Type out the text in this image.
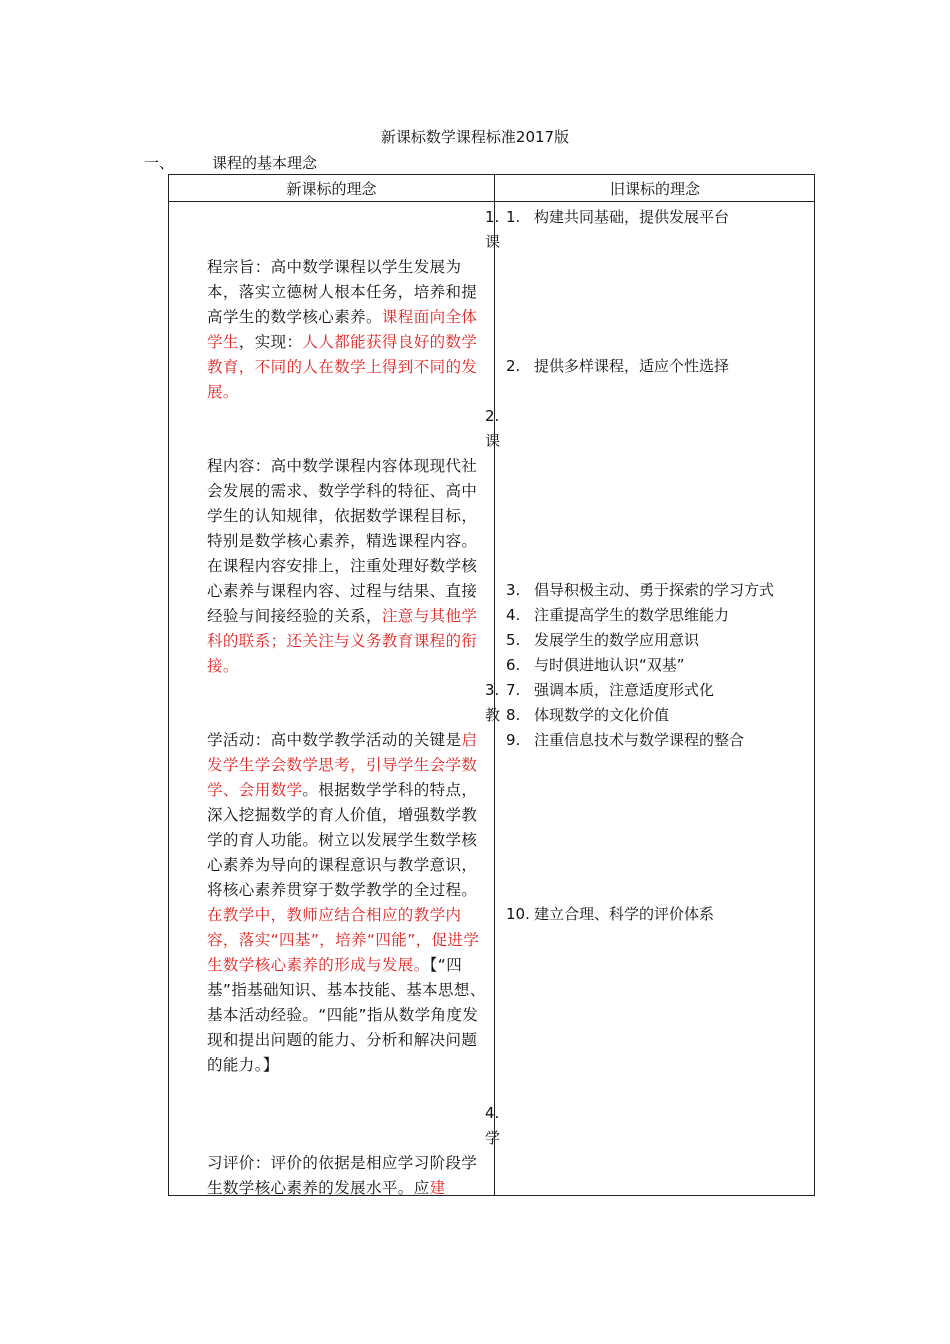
新课标数学课程标准2017版
一、	课程的基本理念
新课标的理念	旧课标的理念
1.
课
程宗旨：高中数学课程以学生发展为本，落实立德树人根本任务，培养和提高学生的数学核心素养。课程面向全体学生，实现：人人都能获得良好的数学教育，不同的人在数学上得到不同的发展。
2.
课
程内容：高中数学课程内容体现现代社会发展的需求、数学学科的特征、高中学生的认知规律，依据数学课程目标，特别是数学核心素养，精选课程内容。在课程内容安排上，注重处理好数学核心素养与课程内容、过程与结果、直接经验与间接经验的关系，注意与其他学科的联系；还关注与义务教育课程的衔接。
3.
教
学活动：高中数学教学活动的关键是启发学生学会数学思考，引导学生会学数学、会用数学。根据数学学科的特点，深入挖掘数学的育人价值，增强数学教学的育人功能。树立以发展学生数学核心素养为导向的课程意识与教学意识，将核心素养贯穿于数学教学的全过程。在教学中，教师应结合相应的教学内容，落实“四基”，培养“四能”，促进学生数学核心素养的形成与发展。【“四基”指基础知识、基本技能、基本思想、基本活动经验。“四能”指从数学角度发现和提出问题的能力、分析和解决问题的能力。】
4.
学
习评价：评价的依据是相应学习阶段学生数学核心素养的发展水平。应建
1. 构建共同基础，提供发展平台
2. 提供多样课程，适应个性选择
3. 倡导积极主动、勇于探索的学习方式
4. 注重提高学生的数学思维能力
5. 发展学生的数学应用意识
6. 与时俱进地认识“双基”
7. 强调本质，注意适度形式化
8. 体现数学的文化价值
9. 注重信息技术与数学课程的整合
10. 建立合理、科学的评价体系
